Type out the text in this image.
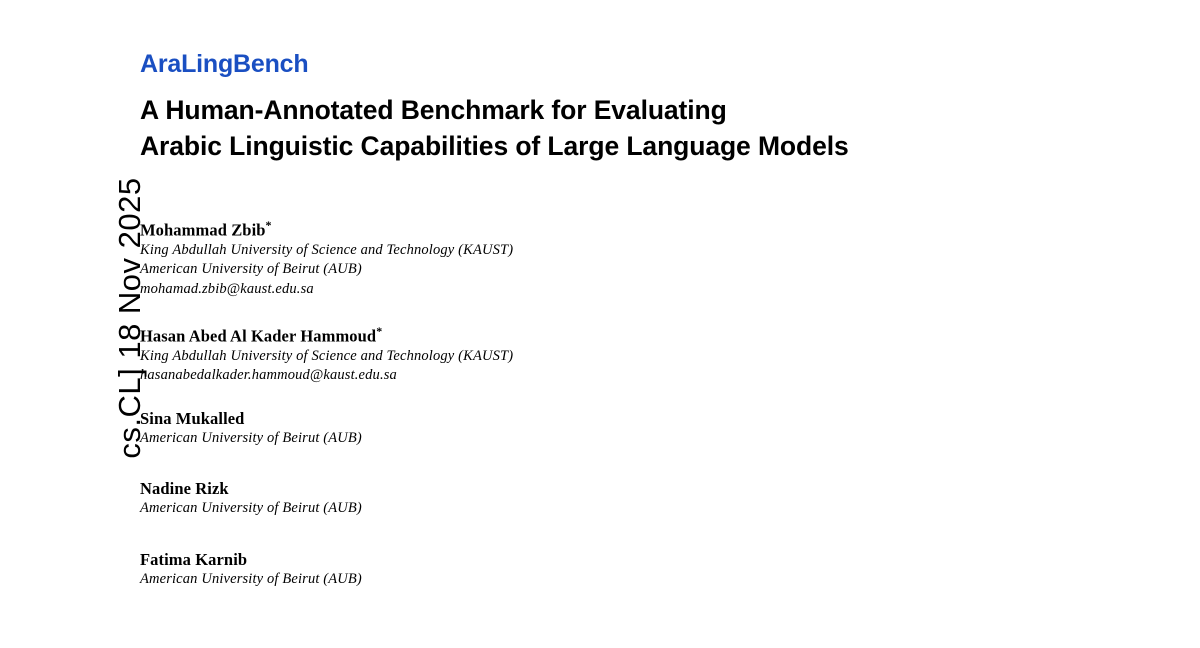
cs.CL] 18 Nov 2025
AraLingBench
A Human-Annotated Benchmark for Evaluating
Arabic Linguistic Capabilities of Large Language Models
Mohammad Zbib*
King Abdullah University of Science and Technology (KAUST)
American University of Beirut (AUB)
mohamad.zbib@kaust.edu.sa
Hasan Abed Al Kader Hammoud*
King Abdullah University of Science and Technology (KAUST)
hasanabedalkader.hammoud@kaust.edu.sa
Sina Mukalled
American University of Beirut (AUB)
Nadine Rizk
American University of Beirut (AUB)
Fatima Karnib
American University of Beirut (AUB)
